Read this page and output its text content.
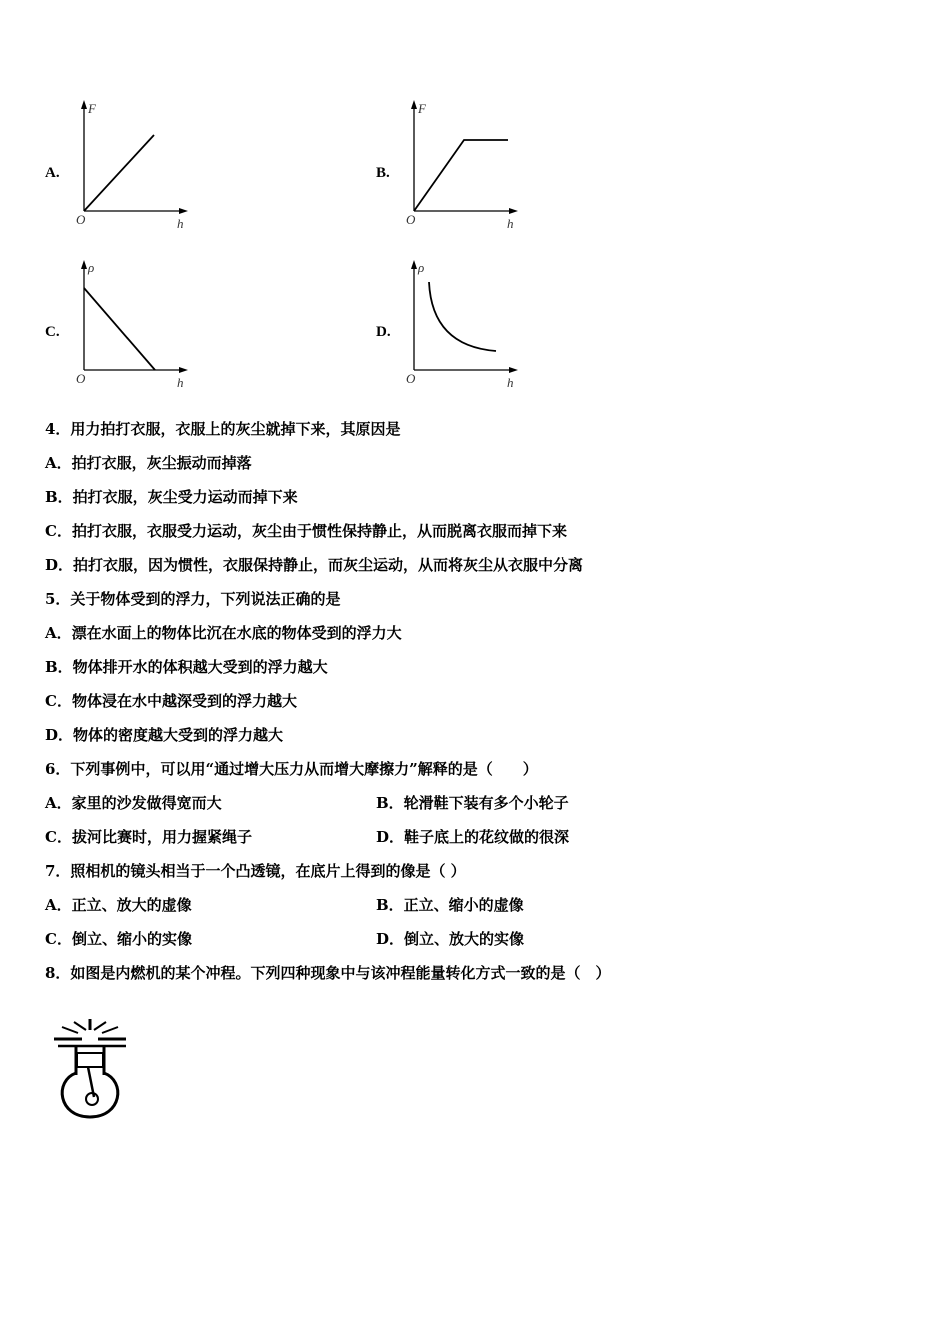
A.
F
O	h
B.
F
O	h
C.
ρ
O	h
D.
ρ
O	h
4．用力拍打衣服，衣服上的灰尘就掉下来，其原因是
A．拍打衣服，灰尘振动而掉落
B．拍打衣服，灰尘受力运动而掉下来
C．拍打衣服，衣服受力运动，灰尘由于惯性保持静止，从而脱离衣服而掉下来
D．拍打衣服，因为惯性，衣服保持静止，而灰尘运动，从而将灰尘从衣服中分离
5．关于物体受到的浮力，下列说法正确的是
A．漂在水面上的物体比沉在水底的物体受到的浮力大
B．物体排开水的体积越大受到的浮力越大
C．物体浸在水中越深受到的浮力越大
D．物体的密度越大受到的浮力越大
6．下列事例中，可以用“通过增大压力从而增大摩擦力”解释的是（　　）
A．家里的沙发做得宽而大	B．轮滑鞋下装有多个小轮子
C．拔河比赛时，用力握紧绳子	D．鞋子底上的花纹做的很深
7．照相机的镜头相当于一个凸透镜，在底片上得到的像是（ ）
A．正立、放大的虚像	B．正立、缩小的虚像
C．倒立、缩小的实像	D．倒立、放大的实像
8．如图是内燃机的某个冲程。下列四种现象中与该冲程能量转化方式一致的是（　）
